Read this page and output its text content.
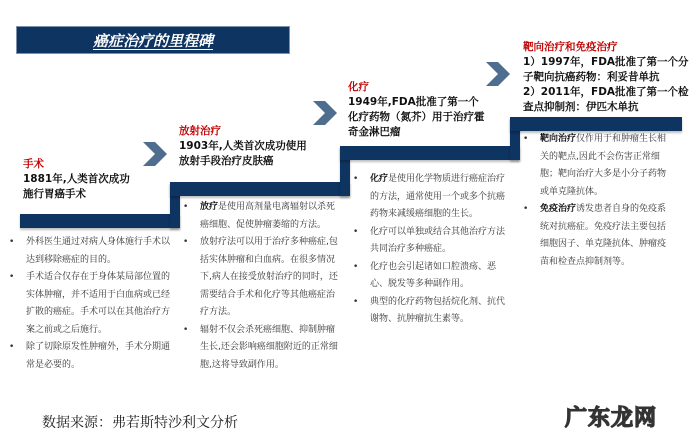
癌症治疗的里程碑
手术
1881年,人类首次成功施行胃癌手术
放射治疗
1903年,人类首次成功使用放射手段治疗皮肤癌
化疗
1949年,FDA批准了第一个化疗药物（氮芥）用于治疗霍奇金淋巴瘤
靶向治疗和免疫治疗
1）1997年，FDA批准了第一个分子靶向抗癌药物：利妥昔单抗
2）2011年，FDA批准了第一个检查点抑制剂：伊匹木单抗
• 外科医生通过对病人身体施行手术以达到移除癌症的目的。
• 手术适合仅存在于身体某局部位置的实体肿瘤，并不适用于白血病或已经扩散的癌症。手术可以在其他治疗方案之前或之后施行。
• 除了切除原发性肿瘤外，手术分期通常是必要的。
• 放疗是使用高剂量电离辐射以杀死癌细胞、促使肿瘤萎缩的方法。
• 放射疗法可以用于治疗多种癌症,包括实体肿瘤和白血病。在很多情况下,病人在接受放射治疗的同时，还需要结合手术和化疗等其他癌症治疗方法。
• 辐射不仅会杀死癌细胞、抑制肿瘤生长,还会影响癌细胞附近的正常细胞,这将导致副作用。
• 化疗是使用化学物质进行癌症治疗的方法，通常使用一个或多个抗癌药物来减缓癌细胞的生长。
• 化疗可以单独或结合其他治疗方法共同治疗多种癌症。
• 化疗也会引起诸如口腔溃疡、恶心、脱发等多种副作用。
• 典型的化疗药物包括烷化剂、抗代谢物、抗肿瘤抗生素等。
• 靶向治疗仅作用于和肿瘤生长相关的靶点,因此不会伤害正常细胞；靶向治疗大多是小分子药物或单克隆抗体。
• 免疫治疗诱发患者自身的免疫系统对抗癌症。免疫疗法主要包括细胞因子、单克隆抗体、肿瘤疫苗和检查点抑制剂等。
数据来源：弗若斯特沙利文分析	广东龙网
